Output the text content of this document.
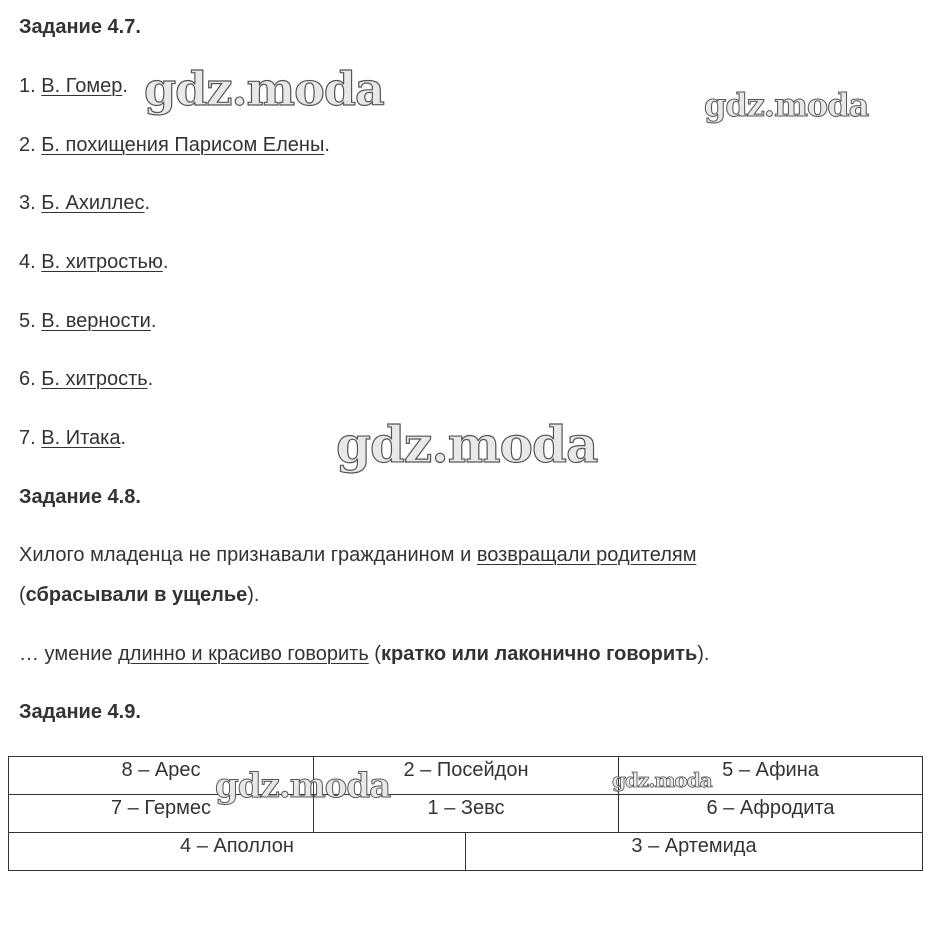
Задание 4.7.
1. В. Гомер.
2. Б. похищения Парисом Елены.
3. Б. Ахиллес.
4. В. хитростью.
5. В. верности.
6. Б. хитрость.
7. В. Итака.
Задание 4.8.
Хилого младенца не признавали гражданином и возвращали родителям
(сбрасывали в ущелье).
… умение длинно и красиво говорить (кратко или лаконично говорить).
Задание 4.9.
8 – Арес	2 – Посейдон		5 – Афина
7 – Гермес	1 – Зевс		6 – Афродита
4 – Аполлон		3 – Артемида	
gdz.moda	gdz.moda
gdz.moda
gdz.moda	gdz.moda
